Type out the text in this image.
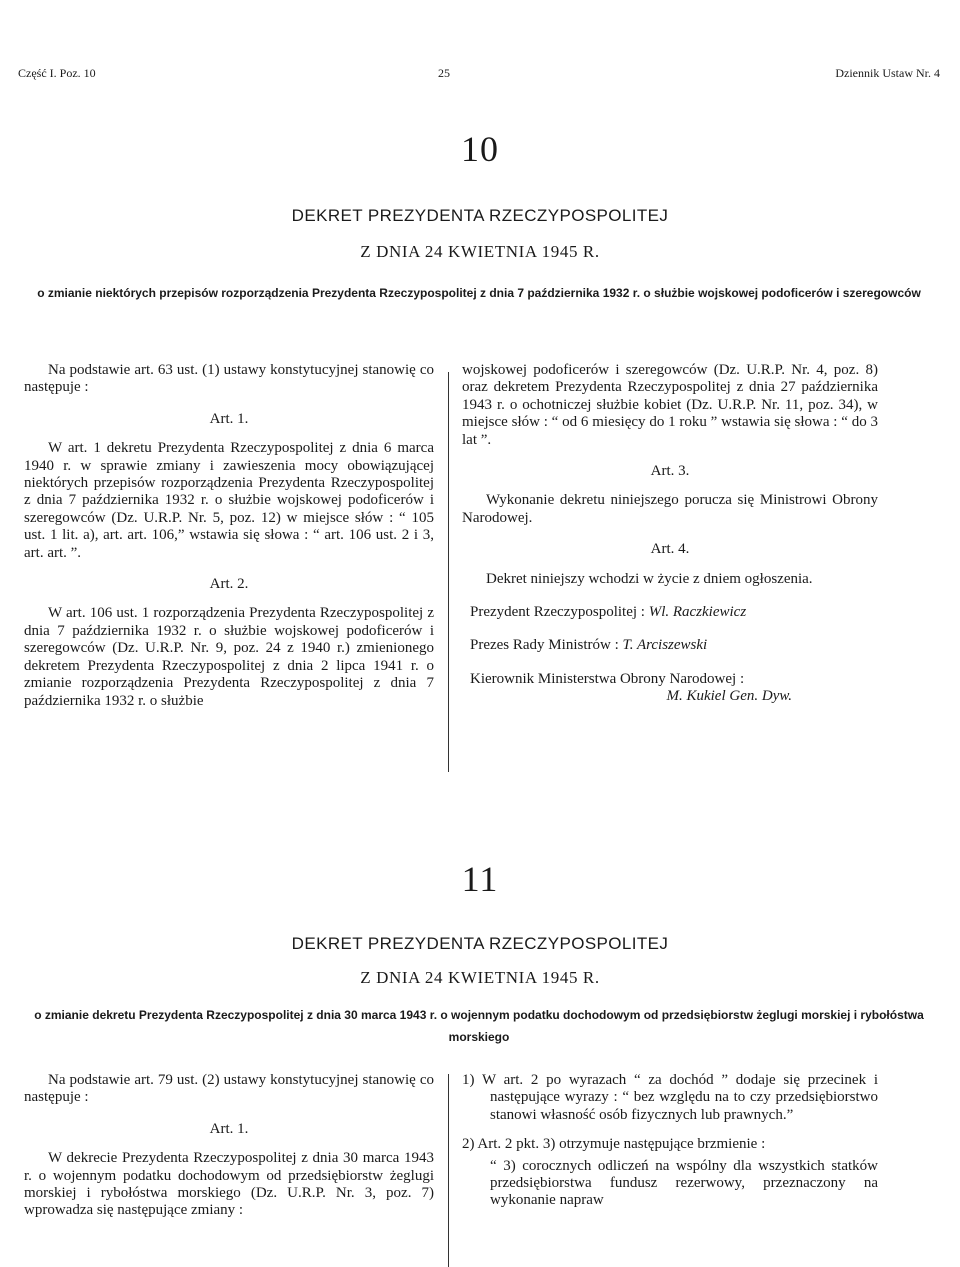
Część I. Poz. 10	25	Dziennik Ustaw Nr. 4
10
DEKRET PREZYDENTA RZECZYPOSPOLITEJ
Z DNIA 24 KWIETNIA 1945 R.
o zmianie niektórych przepisów rozporządzenia Prezydenta Rzeczypospolitej z dnia 7 października 1932 r. o służbie wojskowej podoficerów i szeregowców

Na podstawie art. 63 ust. (1) ustawy konstytucyjnej stanowię co następuje :

Art. 1.

W art. 1 dekretu Prezydenta Rzeczypospolitej z dnia 6 marca 1940 r. w sprawie zmiany i zawieszenia mocy obowiązującej niektórych przepisów rozporządzenia Prezydenta Rzeczypospolitej z dnia 7 października 1932 r. o służbie wojskowej podoficerów i szeregowców (Dz. U.R.P. Nr. 5, poz. 12) w miejsce słów : “ 105 ust. 1 lit. a), art. art. 106,” wstawia się słowa : “ art. 106 ust. 2 i 3, art. art. ”.

Art. 2.

W art. 106 ust. 1 rozporządzenia Prezydenta Rzeczypospolitej z dnia 7 października 1932 r. o służbie wojskowej podoficerów i szeregowców (Dz. U.R.P. Nr. 9, poz. 24 z 1940 r.) zmienionego dekretem Prezydenta Rzeczypospolitej z dnia 2 lipca 1941 r. o zmianie rozporządzenia Prezydenta Rzeczypospolitej z dnia 7 października 1932 r. o służbie

wojskowej podoficerów i szeregowców (Dz. U.R.P. Nr. 4, poz. 8) oraz dekretem Prezydenta Rzeczypospolitej z dnia 27 października 1943 r. o ochotniczej służbie kobiet (Dz. U.R.P. Nr. 11, poz. 34), w miejsce słów : “ od 6 miesięcy do 1 roku ” wstawia się słowa : “ do 3 lat ”.

Art. 3.

Wykonanie dekretu niniejszego porucza się Ministrowi Obrony Narodowej.

Art. 4.

Dekret niniejszy wchodzi w życie z dniem ogłoszenia.

Prezydent Rzeczypospolitej : Wl. Raczkiewicz

Prezes Rady Ministrów : T. Arciszewski

Kierownik Ministerstwa Obrony Narodowej :

M. Kukiel Gen. Dyw.

11
DEKRET PREZYDENTA RZECZYPOSPOLITEJ
Z DNIA 24 KWIETNIA 1945 R.
o zmianie dekretu Prezydenta Rzeczypospolitej z dnia 30 marca 1943 r. o wojennym podatku dochodowym od przedsiębiorstw żeglugi morskiej i rybołóstwa morskiego

Na podstawie art. 79 ust. (2) ustawy konstytucyjnej stanowię co następuje :

Art. 1.

W dekrecie Prezydenta Rzeczypospolitej z dnia 30 marca 1943 r. o wojennym podatku dochodowym od przedsiębiorstw żeglugi morskiej i rybołóstwa morskiego (Dz. U.R.P. Nr. 3, poz. 7) wprowadza się następujące zmiany :

1) W art. 2 po wyrazach “ za dochód ” dodaje się przecinek i następujące wyrazy : “ bez względu na to czy przedsiębiorstwo stanowi własność osób fizycznych lub prawnych.”

2) Art. 2 pkt. 3) otrzymuje następujące brzmienie :

“ 3) corocznych odliczeń na wspólny dla wszystkich statków przedsiębiorstwa fundusz rezerwowy, przeznaczony na wykonanie napraw
